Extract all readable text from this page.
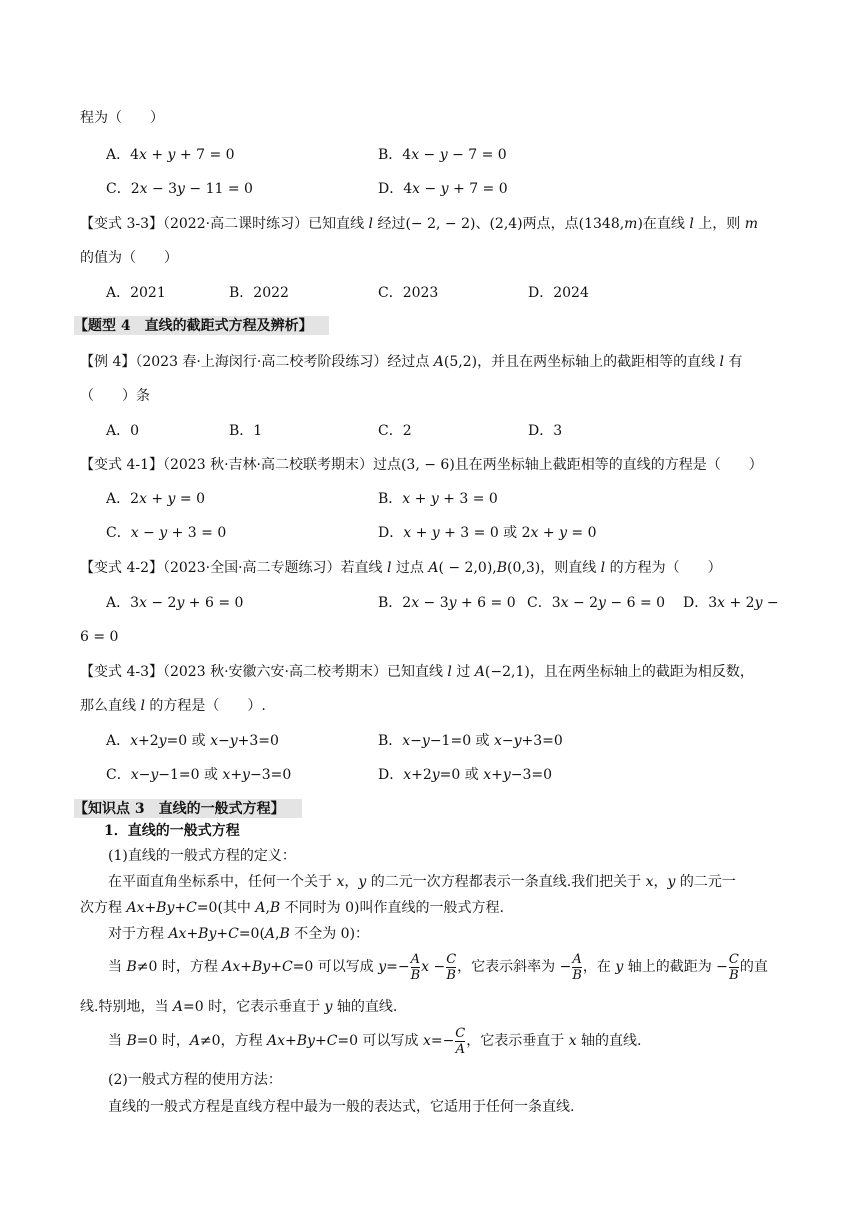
程为（　　）
A．4𝑥 + 𝑦 + 7 = 0	B．4𝑥 − 𝑦 − 7 = 0
C．2𝑥 − 3𝑦 − 11 = 0	D．4𝑥 − 𝑦 + 7 = 0
【变式 3-3】（2022·高二课时练习）已知直线 𝑙 经过(− 2, − 2)、(2,4)两点，点(1348,𝑚)在直线 𝑙 上，则 𝑚
的值为（　　）
A．2021	B．2022	C．2023	D．2024
【题型 4　直线的截距式方程及辨析】
【例 4】（2023 春·上海闵行·高二校考阶段练习）经过点 𝐴(5,2)，并且在两坐标轴上的截距相等的直线 𝑙 有
（　　）条
A．0	B．1	C．2	D．3
【变式 4-1】（2023 秋·吉林·高二校联考期末）过点(3, − 6)且在两坐标轴上截距相等的直线的方程是（　　）
A．2𝑥 + 𝑦 = 0	B．𝑥 + 𝑦 + 3 = 0
C．𝑥 − 𝑦 + 3 = 0	D．𝑥 + 𝑦 + 3 = 0 或 2𝑥 + 𝑦 = 0
【变式 4-2】（2023·全国·高二专题练习）若直线 𝑙 过点 𝐴( − 2,0),𝐵(0,3)，则直线 𝑙 的方程为（　　）
A．3𝑥 − 2𝑦 + 6 = 0	B．2𝑥 − 3𝑦 + 6 = 0 C．3𝑥 − 2𝑦 − 6 = 0 D．3𝑥 + 2𝑦 −
6 = 0
【变式 4-3】（2023 秋·安徽六安·高二校考期末）已知直线 𝑙 过 𝐴(−2,1)，且在两坐标轴上的截距为相反数，
那么直线 𝑙 的方程是（　　）.
A．𝑥+2𝑦=0 或 𝑥−𝑦+3=0	B．𝑥−𝑦−1=0 或 𝑥−𝑦+3=0
C．𝑥−𝑦−1=0 或 𝑥+𝑦−3=0	D．𝑥+2𝑦=0 或 𝑥+𝑦−3=0
【知识点 3　直线的一般式方程】
1．直线的一般式方程
(1)直线的一般式方程的定义：
在平面直角坐标系中，任何一个关于 𝑥，𝑦 的二元一次方程都表示一条直线.我们把关于 𝑥，𝑦 的二元一
次方程 𝐴𝑥+𝐵𝑦+𝐶=0(其中 𝐴,𝐵 不同时为 0)叫作直线的一般式方程.
对于方程 𝐴𝑥+𝐵𝑦+𝐶=0(𝐴,𝐵 不全为 0)：
当 𝐵≠0 时，方程 𝐴𝑥+𝐵𝑦+𝐶=0 可以写成 𝑦=− $\frac{A}{B}$ 𝑥 − $\frac{C}{B}$ ，它表示斜率为 − $\frac{A}{B}$ ，在 𝑦 轴上的截距为 − $\frac{C}{B}$ 的直
线.特别地，当 𝐴=0 时，它表示垂直于 𝑦 轴的直线.
当 𝐵=0 时，𝐴≠0，方程 𝐴𝑥+𝐵𝑦+𝐶=0 可以写成 𝑥=− $\frac{C}{A}$ ，它表示垂直于 𝑥 轴的直线.
(2)一般式方程的使用方法：
直线的一般式方程是直线方程中最为一般的表达式，它适用于任何一条直线.
